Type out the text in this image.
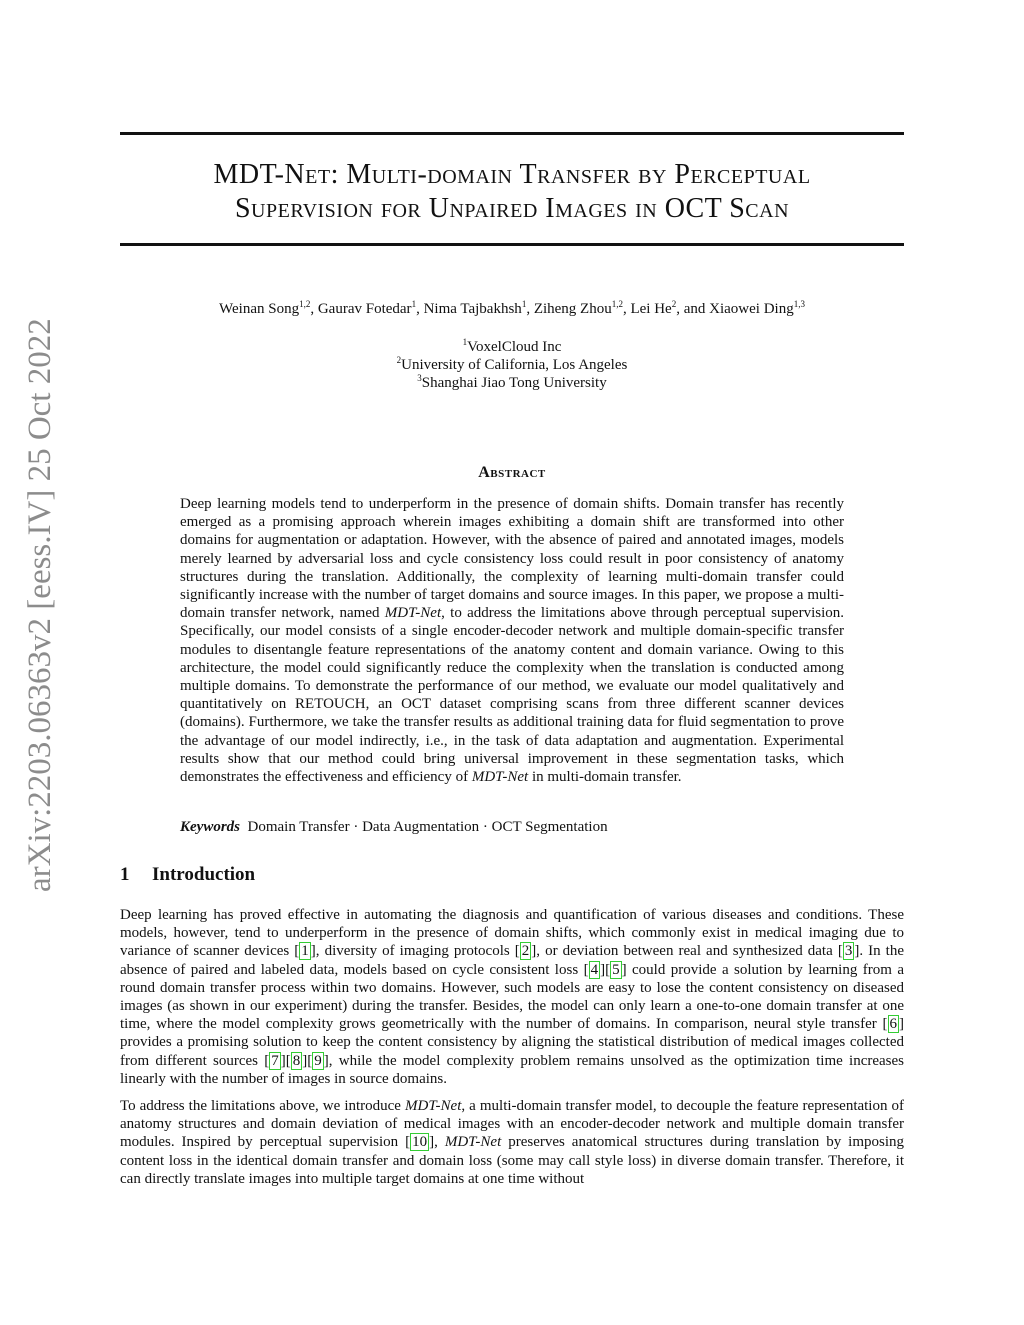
arXiv:2203.06363v2 [eess.IV] 25 Oct 2022
MDT-Net: Multi-domain Transfer by Perceptual
Supervision for Unpaired Images in OCT Scan
Weinan Song$^{1,2}$, Gaurav Fotedar$^1$, Nima Tajbakhsh$^1$, Ziheng Zhou$^{1,2}$, Lei He$^2$, and Xiaowei Ding$^{1,3}$
$^1$VoxelCloud Inc
$^2$University of California, Los Angeles
$^3$Shanghai Jiao Tong University
Abstract

Deep learning models tend to underperform in the presence of domain shifts. Domain transfer has recently emerged as a promising approach wherein images exhibiting a domain shift are transformed into other domains for augmentation or adaptation. However, with the absence of paired and annotated images, models merely learned by adversarial loss and cycle consistency loss could result in poor consistency of anatomy structures during the translation. Additionally, the complexity of learning multi-domain transfer could significantly increase with the number of target domains and source images. In this paper, we propose a multi-domain transfer network, named MDT-Net, to address the limitations above through perceptual supervision. Specifically, our model consists of a single encoder-decoder network and multiple domain-specific transfer modules to disentangle feature representations of the anatomy content and domain variance. Owing to this architecture, the model could significantly reduce the complexity when the translation is conducted among multiple domains. To demonstrate the performance of our method, we evaluate our model qualitatively and quantitatively on RETOUCH, an OCT dataset comprising scans from three different scanner devices (domains). Furthermore, we take the transfer results as additional training data for fluid segmentation to prove the advantage of our model indirectly, i.e., in the task of data adaptation and augmentation. Experimental results show that our method could bring universal improvement in these segmentation tasks, which demonstrates the effectiveness and efficiency of MDT-Net in multi-domain transfer.

Keywords Domain Transfer · Data Augmentation · OCT Segmentation
1 Introduction

Deep learning has proved effective in automating the diagnosis and quantification of various diseases and conditions. These models, however, tend to underperform in the presence of domain shifts, which commonly exist in medical imaging due to variance of scanner devices [ 1 ], diversity of imaging protocols [ 2 ], or deviation between real and synthesized data [ 3 ]. In the absence of paired and labeled data, models based on cycle consistent loss [ 4 ][ 5 ] could provide a solution by learning from a round domain transfer process within two domains. However, such models are easy to lose the content consistency on diseased images (as shown in our experiment) during the transfer. Besides, the model can only learn a one-to-one domain transfer at one time, where the model complexity grows geometrically with the number of domains. In comparison, neural style transfer [ 6 ] provides a promising solution to keep the content consistency by aligning the statistical distribution of medical images collected from different sources [ 7 ][ 8 ][ 9 ], while the model complexity problem remains unsolved as the optimization time increases linearly with the number of images in source domains.

To address the limitations above, we introduce MDT-Net, a multi-domain transfer model, to decouple the feature representation of anatomy structures and domain deviation of medical images with an encoder-decoder network and multiple domain transfer modules. Inspired by perceptual supervision [ 10 ], MDT-Net preserves anatomical structures during translation by imposing content loss in the identical domain transfer and domain loss (some may call style loss) in diverse domain transfer. Therefore, it can directly translate images into multiple target domains at one time without
